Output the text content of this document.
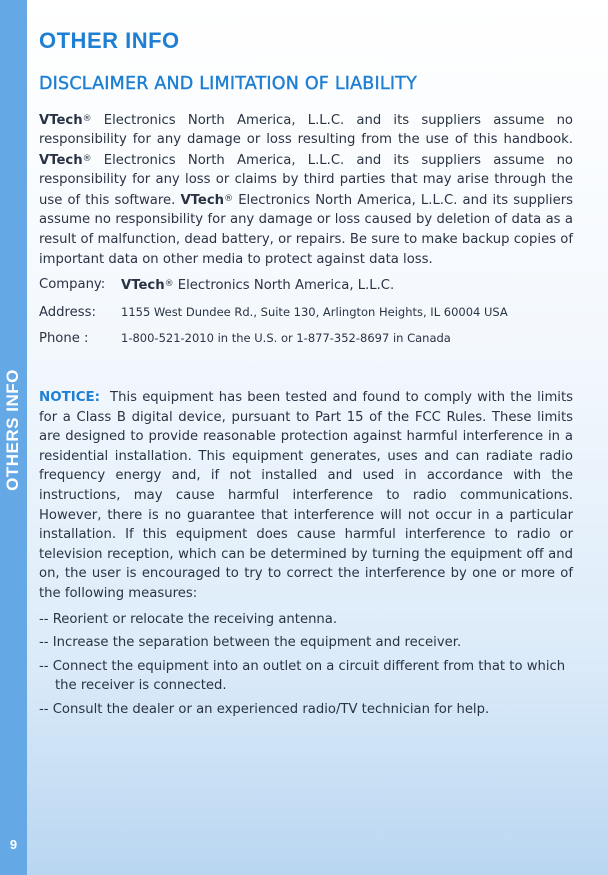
OTHERS INFO
9
OTHER INFO
DISCLAIMER AND LIMITATION OF LIABILITY

VTech® Electronics North America, L.L.C. and its suppliers assume no responsibility for any damage or loss resulting from the use of this handbook. VTech® Electronics North America, L.L.C. and its suppliers assume no responsibility for any loss or claims by third parties that may arise through the use of this software. VTech® Electronics North America, L.L.C. and its suppliers assume no responsibility for any damage or loss caused by deletion of data as a result of malfunction, dead battery, or repairs. Be sure to make backup copies of important data on other media to protect against data loss.

Company:	VTech® Electronics North America, L.L.C.
Address:	1155 West Dundee Rd., Suite 130, Arlington Heights, IL 60004 USA
Phone :	1-800-521-2010 in the U.S. or 1-877-352-8697 in Canada

NOTICE: This equipment has been tested and found to comply with the limits for a Class B digital device, pursuant to Part 15 of the FCC Rules. These limits are designed to provide reasonable protection against harmful interference in a residential installation. This equipment generates, uses and can radiate radio frequency energy and, if not installed and used in accordance with the instructions, may cause harmful interference to radio communications. However, there is no guarantee that interference will not occur in a particular installation. If this equipment does cause harmful interference to radio or television reception, which can be determined by turning the equipment off and on, the user is encouraged to try to correct the interference by one or more of the following measures:

-- Reorient or relocate the receiving antenna.
-- Increase the separation between the equipment and receiver.
-- Connect the equipment into an outlet on a circuit different from that to which the receiver is connected.
-- Consult the dealer or an experienced radio/TV technician for help.
